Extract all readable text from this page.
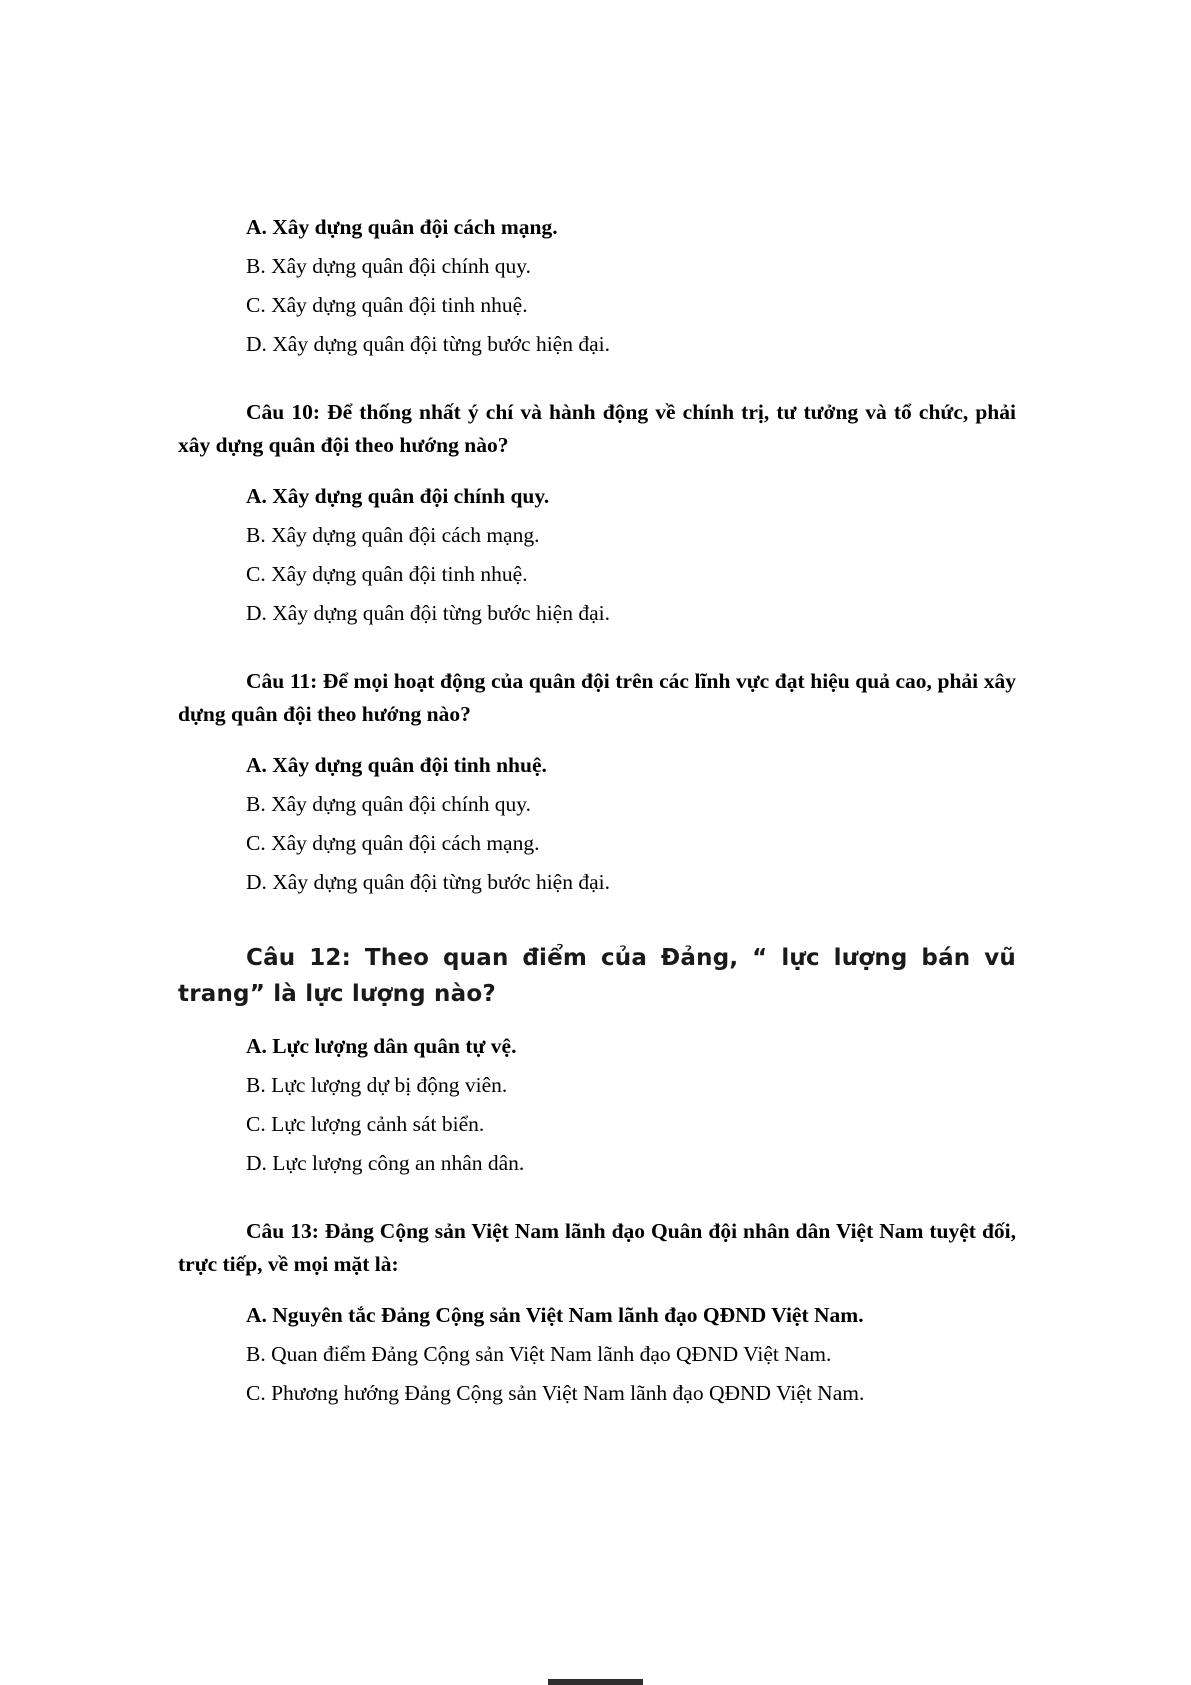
A. Xây dựng quân đội cách mạng.

B. Xây dựng quân đội chính quy.

C. Xây dựng quân đội tinh nhuệ.

D. Xây dựng quân đội từng bước hiện đại.

Câu 10: Để thống nhất ý chí và hành động về chính trị, tư tưởng và tổ chức, phải xây dựng quân đội theo hướng nào?

A. Xây dựng quân đội chính quy.

B. Xây dựng quân đội cách mạng.

C. Xây dựng quân đội tinh nhuệ.

D. Xây dựng quân đội từng bước hiện đại.

Câu 11: Để mọi hoạt động của quân đội trên các lĩnh vực đạt hiệu quả cao, phải xây dựng quân đội theo hướng nào?

A. Xây dựng quân đội tinh nhuệ.

B. Xây dựng quân đội chính quy.

C. Xây dựng quân đội cách mạng.

D. Xây dựng quân đội từng bước hiện đại.

Câu 12: Theo quan điểm của Đảng, “ lực lượng bán vũ trang” là lực lượng nào?

A. Lực lượng dân quân tự vệ.

B. Lực lượng dự bị động viên.

C. Lực lượng cảnh sát biển.

D. Lực lượng công an nhân dân.

Câu 13: Đảng Cộng sản Việt Nam lãnh đạo Quân đội nhân dân Việt Nam tuyệt đối, trực tiếp, về mọi mặt là:

A. Nguyên tắc Đảng Cộng sản Việt Nam lãnh đạo QĐND Việt Nam.

B. Quan điểm Đảng Cộng sản Việt Nam lãnh đạo QĐND Việt Nam.

C. Phương hướng Đảng Cộng sản Việt Nam lãnh đạo QĐND Việt Nam.
